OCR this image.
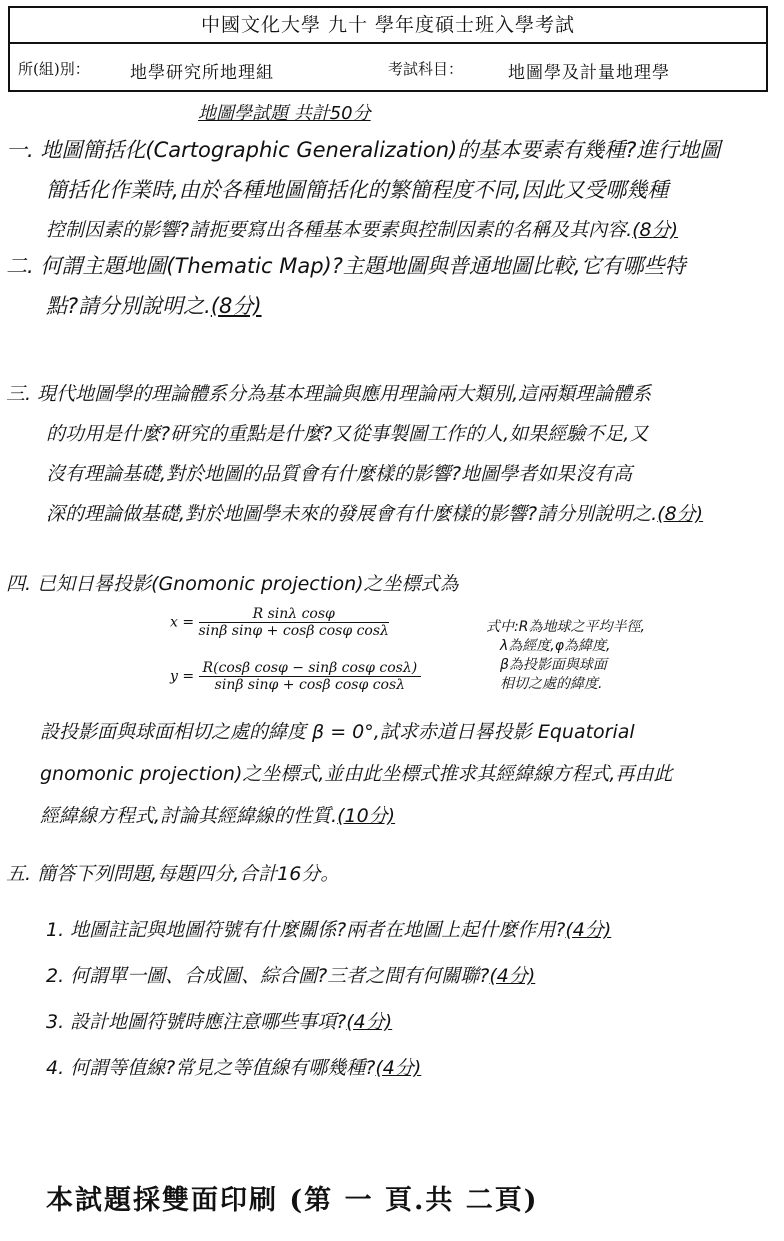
中國文化大學 九十 學年度碩士班入學考試
所(組)別： 地學研究所地理組	考試科目：	地圖學及計量地理學
地圖學試題 共計50分
一. 地圖簡括化(Cartographic Generalization)的基本要素有幾種?進行地圖
簡括化作業時,由於各種地圖簡括化的繁簡程度不同,因此又受哪幾種
控制因素的影響?請扼要寫出各種基本要素與控制因素的名稱及其內容.(8分)
二. 何謂主題地圖(Thematic Map)?主題地圖與普通地圖比較,它有哪些特
點?請分別說明之.(8分)
三. 現代地圖學的理論體系分為基本理論與應用理論兩大類別,這兩類理論體系
的功用是什麼?研究的重點是什麼?又從事製圖工作的人,如果經驗不足,又
沒有理論基礎,對於地圖的品質會有什麼樣的影響?地圖學者如果沒有高
深的理論做基礎,對於地圖學未來的發展會有什麼樣的影響?請分別說明之.(8分)
四. 已知日晷投影(Gnomonic projection)之坐標式為
$x = \frac{\text{R sinλ cosφ}}{\text{sinβ sinφ + cosβ cosφ cosλ}}$
$y = \frac{\text{R(cosβ cosφ − sinβ cosφ cosλ)}}{\text{sinβ sinφ + cosβ cosφ cosλ}}$
式中:R為地球之平均半徑,
λ為經度,φ為緯度,
β為投影面與球面
相切之處的緯度.
設投影面與球面相切之處的緯度 β = 0°,試求赤道日晷投影 Equatorial
gnomonic projection)之坐標式,並由此坐標式推求其經緯線方程式,再由此
經緯線方程式,討論其經緯線的性質.(10分)
五. 簡答下列問題,每題四分,合計16分。
1. 地圖註記與地圖符號有什麼關係?兩者在地圖上起什麼作用?(4分)
2. 何謂單一圖、合成圖、綜合圖?三者之間有何關聯?(4分)
3. 設計地圖符號時應注意哪些事項?(4分)
4. 何謂等值線?常見之等值線有哪幾種?(4分)
本試題採雙面印刷 (第 一 頁.共 二頁)
